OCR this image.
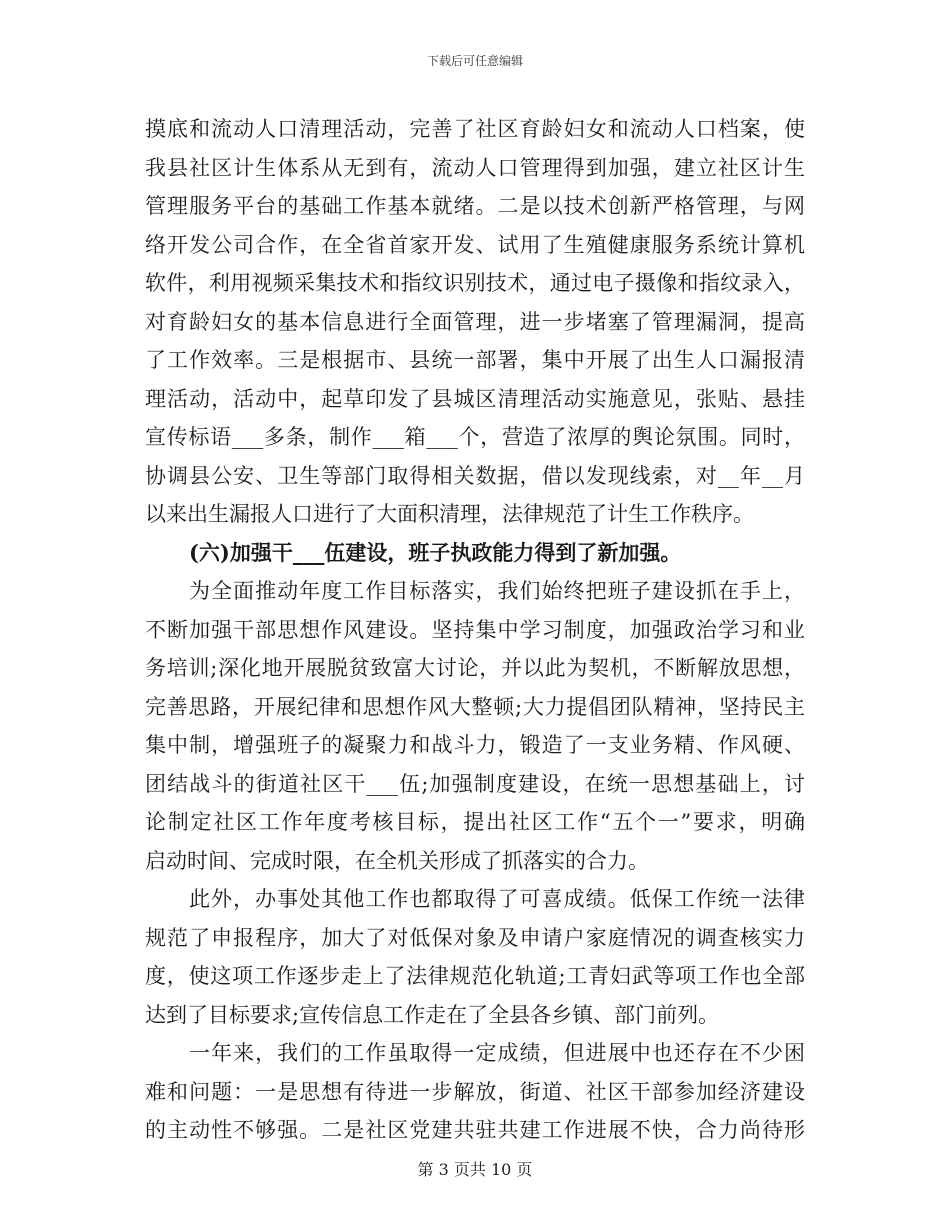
下载后可任意编辑
摸底和流动人口清理活动，完善了社区育龄妇女和流动人口档案，使
我县社区计生体系从无到有，流动人口管理得到加强，建立社区计生
管理服务平台的基础工作基本就绪。二是以技术创新严格管理，与网
络开发公司合作，在全省首家开发、试用了生殖健康服务系统计算机
软件，利用视频采集技术和指纹识别技术，通过电子摄像和指纹录入，
对育龄妇女的基本信息进行全面管理，进一步堵塞了管理漏洞，提高
了工作效率。三是根据市、县统一部署，集中开展了出生人口漏报清
理活动，活动中，起草印发了县城区清理活动实施意见，张贴、悬挂
宣传标语___多条，制作___箱___个，营造了浓厚的舆论氛围。同时，
协调县公安、卫生等部门取得相关数据，借以发现线索，对__年__月
以来出生漏报人口进行了大面积清理，法律规范了计生工作秩序。
(六)加强干___伍建设，班子执政能力得到了新加强。
为全面推动年度工作目标落实，我们始终把班子建设抓在手上，
不断加强干部思想作风建设。坚持集中学习制度，加强政治学习和业
务培训;深化地开展脱贫致富大讨论，并以此为契机，不断解放思想，
完善思路，开展纪律和思想作风大整顿;大力提倡团队精神，坚持民主
集中制，增强班子的凝聚力和战斗力，锻造了一支业务精、作风硬、
团结战斗的街道社区干___伍;加强制度建设，在统一思想基础上，讨
论制定社区工作年度考核目标，提出社区工作“五个一”要求，明确
启动时间、完成时限，在全机关形成了抓落实的合力。
此外，办事处其他工作也都取得了可喜成绩。低保工作统一法律
规范了申报程序，加大了对低保对象及申请户家庭情况的调查核实力
度，使这项工作逐步走上了法律规范化轨道;工青妇武等项工作也全部
达到了目标要求;宣传信息工作走在了全县各乡镇、部门前列。
一年来，我们的工作虽取得一定成绩，但进展中也还存在不少困
难和问题：一是思想有待进一步解放，街道、社区干部参加经济建设
的主动性不够强。二是社区党建共驻共建工作进展不快，合力尚待形
第 3 页共 10 页
